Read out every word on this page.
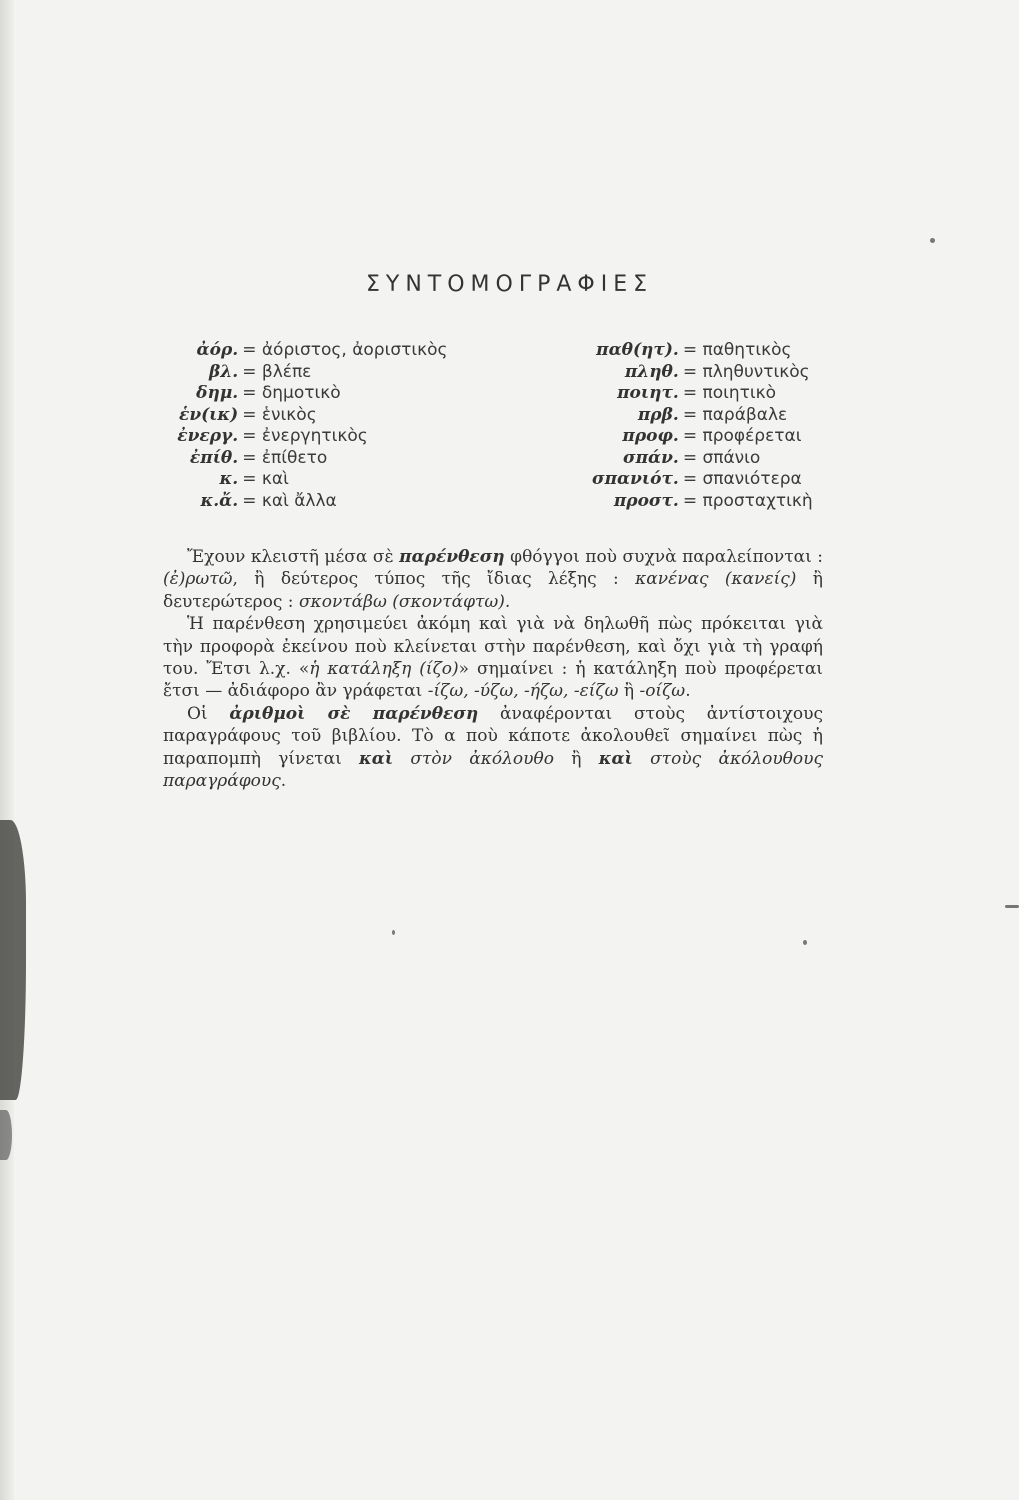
ΣΥΝΤΟΜΟΓΡΑΦΙΕΣ
ἀόρ.	= ἀόριστος, ἀοριστικὸς
βλ.	= βλέπε
δημ.	= δημοτικὸ
ἑν(ικ)	= ἑνικὸς
ἐνεργ.	= ἐνεργητικὸς
ἐπίθ.	= ἐπίθετο
κ.	= καὶ
κ.ἄ.	= καὶ ἄλλα
παθ(ητ).	= παθητικὸς
πληθ.	= πληθυντικὸς
ποιητ.	= ποιητικὸ
πρβ.	= παράβαλε
προφ.	= προφέρεται
σπάν.	= σπάνιο
σπανιότ.	= σπανιότερα
προστ.	= προσταχτικὴ

Ἔχουν κλειστῆ μέσα σὲ παρένθεση φθόγγοι ποὺ συχνὰ παραλείπονται : (ἐ)ρωτῶ, ἢ δεύτερος τύπος τῆς ἴδιας λέξης : κανένας (κανείς) ἢ δευτερώτερος : σκοντάβω (σκοντάφτω).

Ἡ παρένθεση χρησιμεύει ἀκόμη καὶ γιὰ νὰ δηλωθῆ πὼς πρόκειται γιὰ τὴν προφορὰ ἐκείνου ποὺ κλείνεται στὴν παρένθεση, καὶ ὄχι γιὰ τὴ γραφή του. Ἔτσι λ.χ. «ἡ κατάληξη (ίζο)» σημαίνει : ἡ κατάληξη ποὺ προφέρεται ἔτσι — ἀδιάφορο ἂν γράφεται -ίζω, -ύζω, -ήζω, -είζω ἢ -οίζω.

Οἱ ἀριθμοὶ σὲ παρένθεση ἀναφέρονται στοὺς ἀντίστοιχους παραγράφους τοῦ βιβλίου. Τὸ α ποὺ κάποτε ἀκολουθεῖ σημαίνει πὼς ἡ παραπομπὴ γίνεται καὶ στὸν ἀκόλουθο ἢ καὶ στοὺς ἀκόλουθους παραγράφους.
